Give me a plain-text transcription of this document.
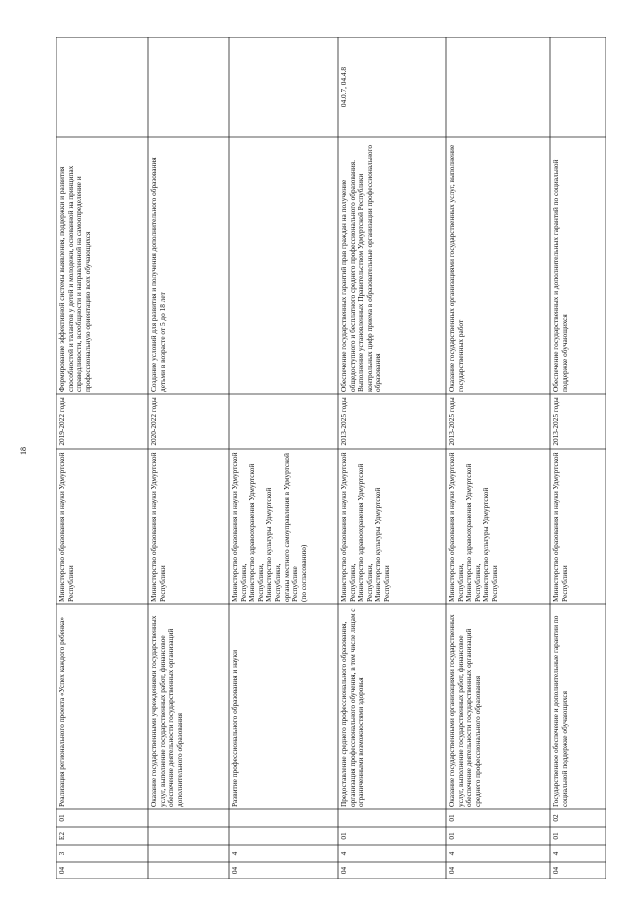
18
04
3
E2
01
Реализация регионального проекта «Успех каждого ребенка»
Министерство образования и науки Удмуртской Республики
2019-2022 годы
Формирование эффективной системы выявления, поддержки и развития способностей и талантов у детей и молодежи, основанной на принципах справедливости, всеобщности и направленной на самоопределение и профессиональную ориентацию всех обучающихся
Оказание государственными учреждениями государственных услуг, выполнение государственных работ, финансовое обеспечение деятельности государственных организаций дополнительного образования
Министерство образования и науки Удмуртской Республики
2020-2022 годы
Создание условий для развития и получения дополнительного образования детьми в возрасте от 5 до 18 лет
04
4
Развитие профессионального образования и науки
Министерство образования и науки Удмуртской Республики,
Министерство здравоохранения Удмуртской Республики,
Министерство культуры Удмуртской Республики,
органы местного самоуправления в Удмуртской Республике
(по согласованию)
04
4
01
Предоставление среднего профессионального образования, организация профессионального обучения, в том числе лицам с ограниченными возможностями здоровья
Министерство образования и науки Удмуртской Республики,
Министерство здравоохранения Удмуртской Республики,
Министерство культуры Удмуртской Республики
2013-2025 годы
Обеспечение государственных гарантий прав граждан на получение общедоступного и бесплатного среднего профессионального образования. Выполнение установленных Правительством Удмуртской Республики контрольных цифр приема в образовательные организации профессионального образования
04.0.7, 04.4.8
04
4
01
01
Оказание государственными организациями государственных услуг, выполнение государственных работ, финансовое обеспечение деятельности государственных организаций среднего профессионального образования
Министерство образования и науки Удмуртской Республики,
Министерство здравоохранения Удмуртской Республики,
Министерство культуры Удмуртской Республики
2013-2025 годы
Оказание государственных организациями государственных услуг, выполнение государственных работ
04
4
01
02
Государственное обеспечение и дополнительные гарантии по социальной поддержке обучающихся
Министерство образования и науки Удмуртской Республики
2013-2025 годы
Обеспечение государственных и дополнительных гарантий по социальной поддержке обучающихся
